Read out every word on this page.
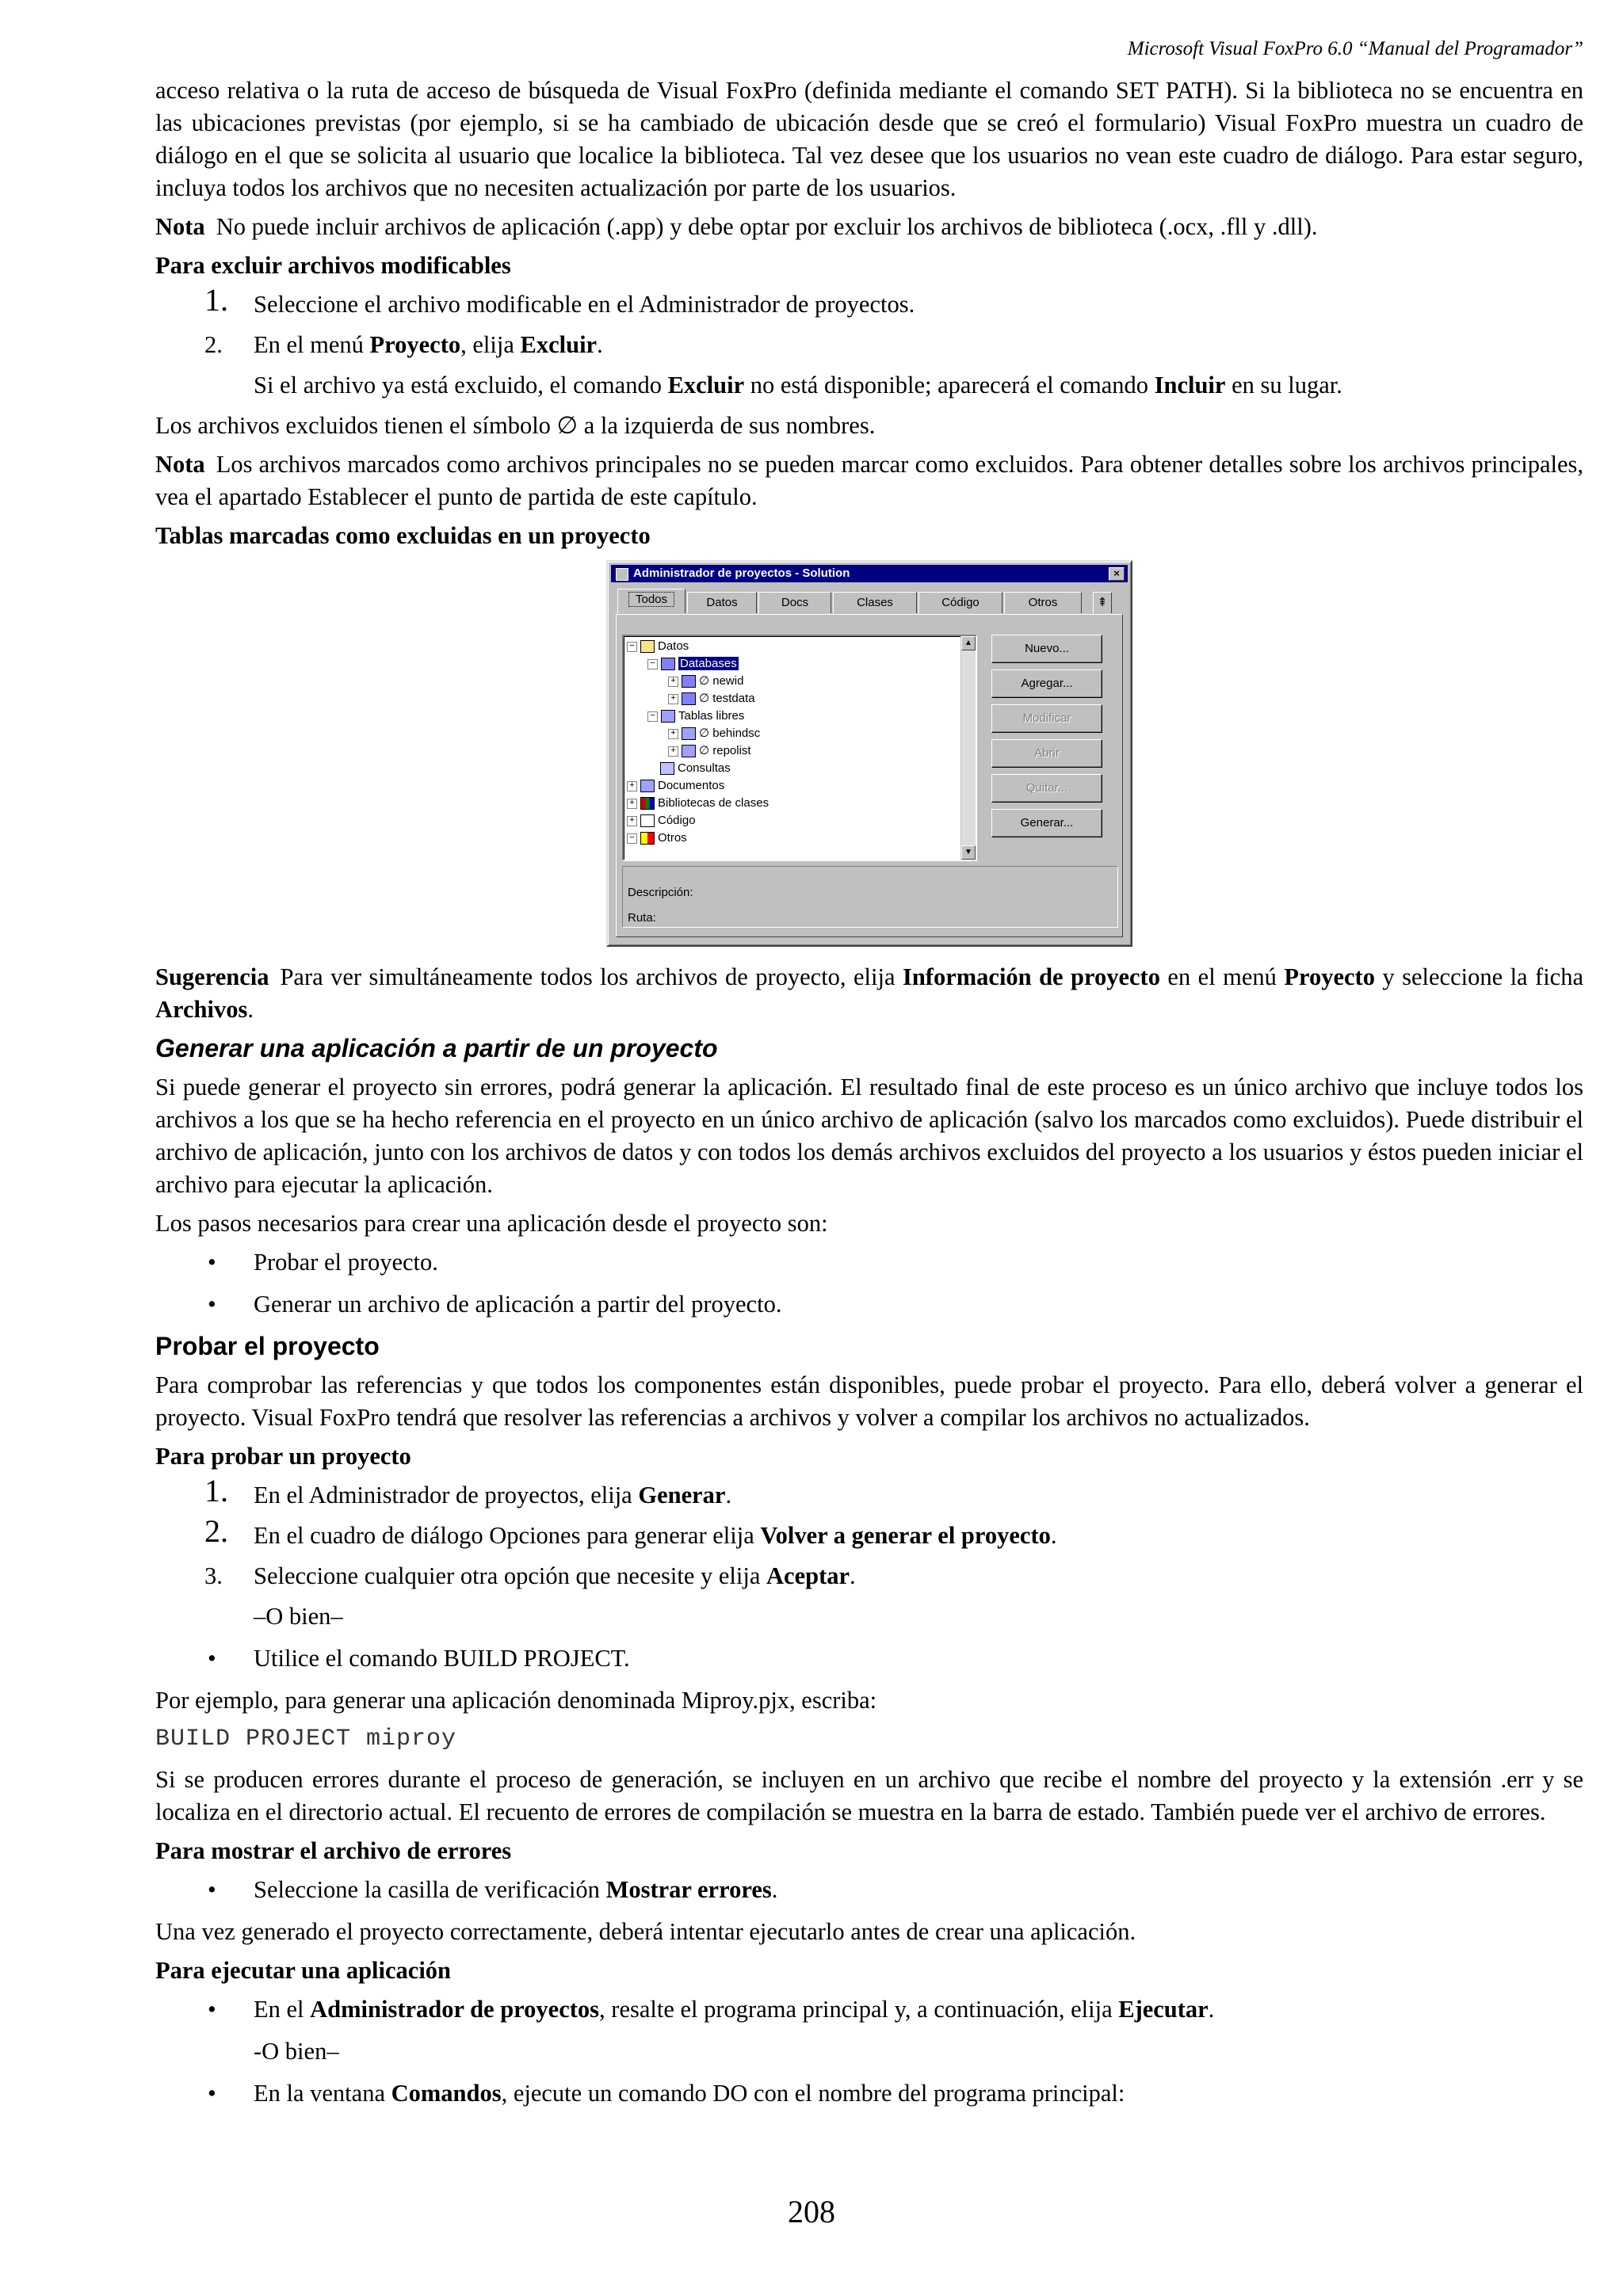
Microsoft Visual FoxPro 6.0 “Manual del Programador”

acceso relativa o la ruta de acceso de búsqueda de Visual FoxPro (definida mediante el comando SET PATH). Si la biblioteca no se encuentra en las ubicaciones previstas (por ejemplo, si se ha cambiado de ubicación desde que se creó el formulario) Visual FoxPro muestra un cuadro de diálogo en el que se solicita al usuario que localice la biblioteca. Tal vez desee que los usuarios no vean este cuadro de diálogo. Para estar seguro, incluya todos los archivos que no necesiten actualización por parte de los usuarios.

Nota No puede incluir archivos de aplicación (.app) y debe optar por excluir los archivos de biblioteca (.ocx, .fll y .dll).

Para excluir archivos modificables

1. Seleccione el archivo modificable en el Administrador de proyectos.
2. En el menú Proyecto, elija Excluir.
Si el archivo ya está excluido, el comando Excluir no está disponible; aparecerá el comando Incluir en su lugar.

Los archivos excluidos tienen el símbolo ∅ a la izquierda de sus nombres.

Nota Los archivos marcados como archivos principales no se pueden marcar como excluidos. Para obtener detalles sobre los archivos principales, vea el apartado Establecer el punto de partida de este capítulo.

Tablas marcadas como excluidas en un proyecto

Administrador de proyectos - Solution	×
Todos	Datos	Docs	Clases	Código	Otros	⇞
− Datos
− Databases
+ ∅ newid
+ ∅ testdata
− Tablas libres
+ ∅ behindsc
+ ∅ repolist
Consultas
+ Documentos
+ Bibliotecas de clases
+ Código
− Otros
▲
▼
Nuevo...
Agregar...
Modificar
Abrir
Quitar...
Generar...
Descripción:
Ruta:

Sugerencia Para ver simultáneamente todos los archivos de proyecto, elija Información de proyecto en el menú Proyecto y seleccione la ficha Archivos.

Generar una aplicación a partir de un proyecto

Si puede generar el proyecto sin errores, podrá generar la aplicación. El resultado final de este proceso es un único archivo que incluye todos los archivos a los que se ha hecho referencia en el proyecto en un único archivo de aplicación (salvo los marcados como excluidos). Puede distribuir el archivo de aplicación, junto con los archivos de datos y con todos los demás archivos excluidos del proyecto a los usuarios y éstos pueden iniciar el archivo para ejecutar la aplicación.

Los pasos necesarios para crear una aplicación desde el proyecto son:

• Probar el proyecto.
• Generar un archivo de aplicación a partir del proyecto.
Probar el proyecto

Para comprobar las referencias y que todos los componentes están disponibles, puede probar el proyecto. Para ello, deberá volver a generar el proyecto. Visual FoxPro tendrá que resolver las referencias a archivos y volver a compilar los archivos no actualizados.

Para probar un proyecto

1. En el Administrador de proyectos, elija Generar.
2. En el cuadro de diálogo Opciones para generar elija Volver a generar el proyecto.
3. Seleccione cualquier otra opción que necesite y elija Aceptar.
–O bien–
• Utilice el comando BUILD PROJECT.

Por ejemplo, para generar una aplicación denominada Miproy.pjx, escriba:

BUILD PROJECT miproy

Si se producen errores durante el proceso de generación, se incluyen en un archivo que recibe el nombre del proyecto y la extensión .err y se localiza en el directorio actual. El recuento de errores de compilación se muestra en la barra de estado. También puede ver el archivo de errores.

Para mostrar el archivo de errores

• Seleccione la casilla de verificación Mostrar errores.

Una vez generado el proyecto correctamente, deberá intentar ejecutarlo antes de crear una aplicación.

Para ejecutar una aplicación

• En el Administrador de proyectos, resalte el programa principal y, a continuación, elija Ejecutar.
-O bien–
• En la ventana Comandos, ejecute un comando DO con el nombre del programa principal:
208
